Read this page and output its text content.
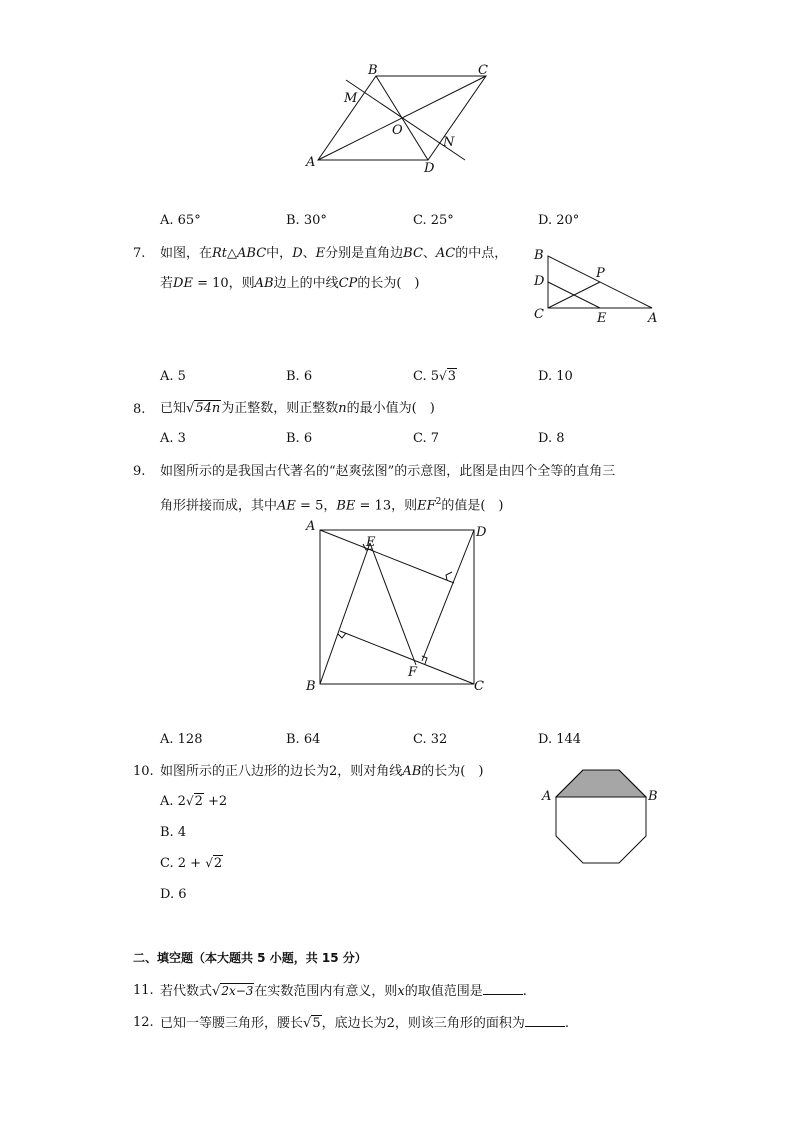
A
B	C
D
M
N
O
A. 65°	B. 30°	C. 25°	D. 20°
7. 如图，在Rt△ABC中，D、E分别是直角边BC、AC的中点，
若DE = 10，则AB边上的中线CP的长为(　)
B
D
P
C	E	A
A. 5	B. 6	C. 5√3	D. 10
8. 已知√54n为正整数，则正整数n的最小值为(　)
A. 3	B. 6	C. 7	D. 8
9. 如图所示的是我国古代著名的“赵爽弦图”的示意图，此图是由四个全等的直角三
角形拼接而成，其中AE = 5，BE = 13，则$EF^2$的值是(　)
A	D
E
B
F
C
A. 128	B. 64	C. 32	D. 144
10. 如图所示的正八边形的边长为2，则对角线AB的长为(　)
A. 2√2 +2
B. 4
C. 2 + √2
D. 6
A	B
二、填空题（本大题共 5 小题，共 15 分）
11. 若代数式√2x−3在实数范围内有意义，则x的取值范围是	.
12. 已知一等腰三角形，腰长√5，底边长为2，则该三角形的面积为	.
